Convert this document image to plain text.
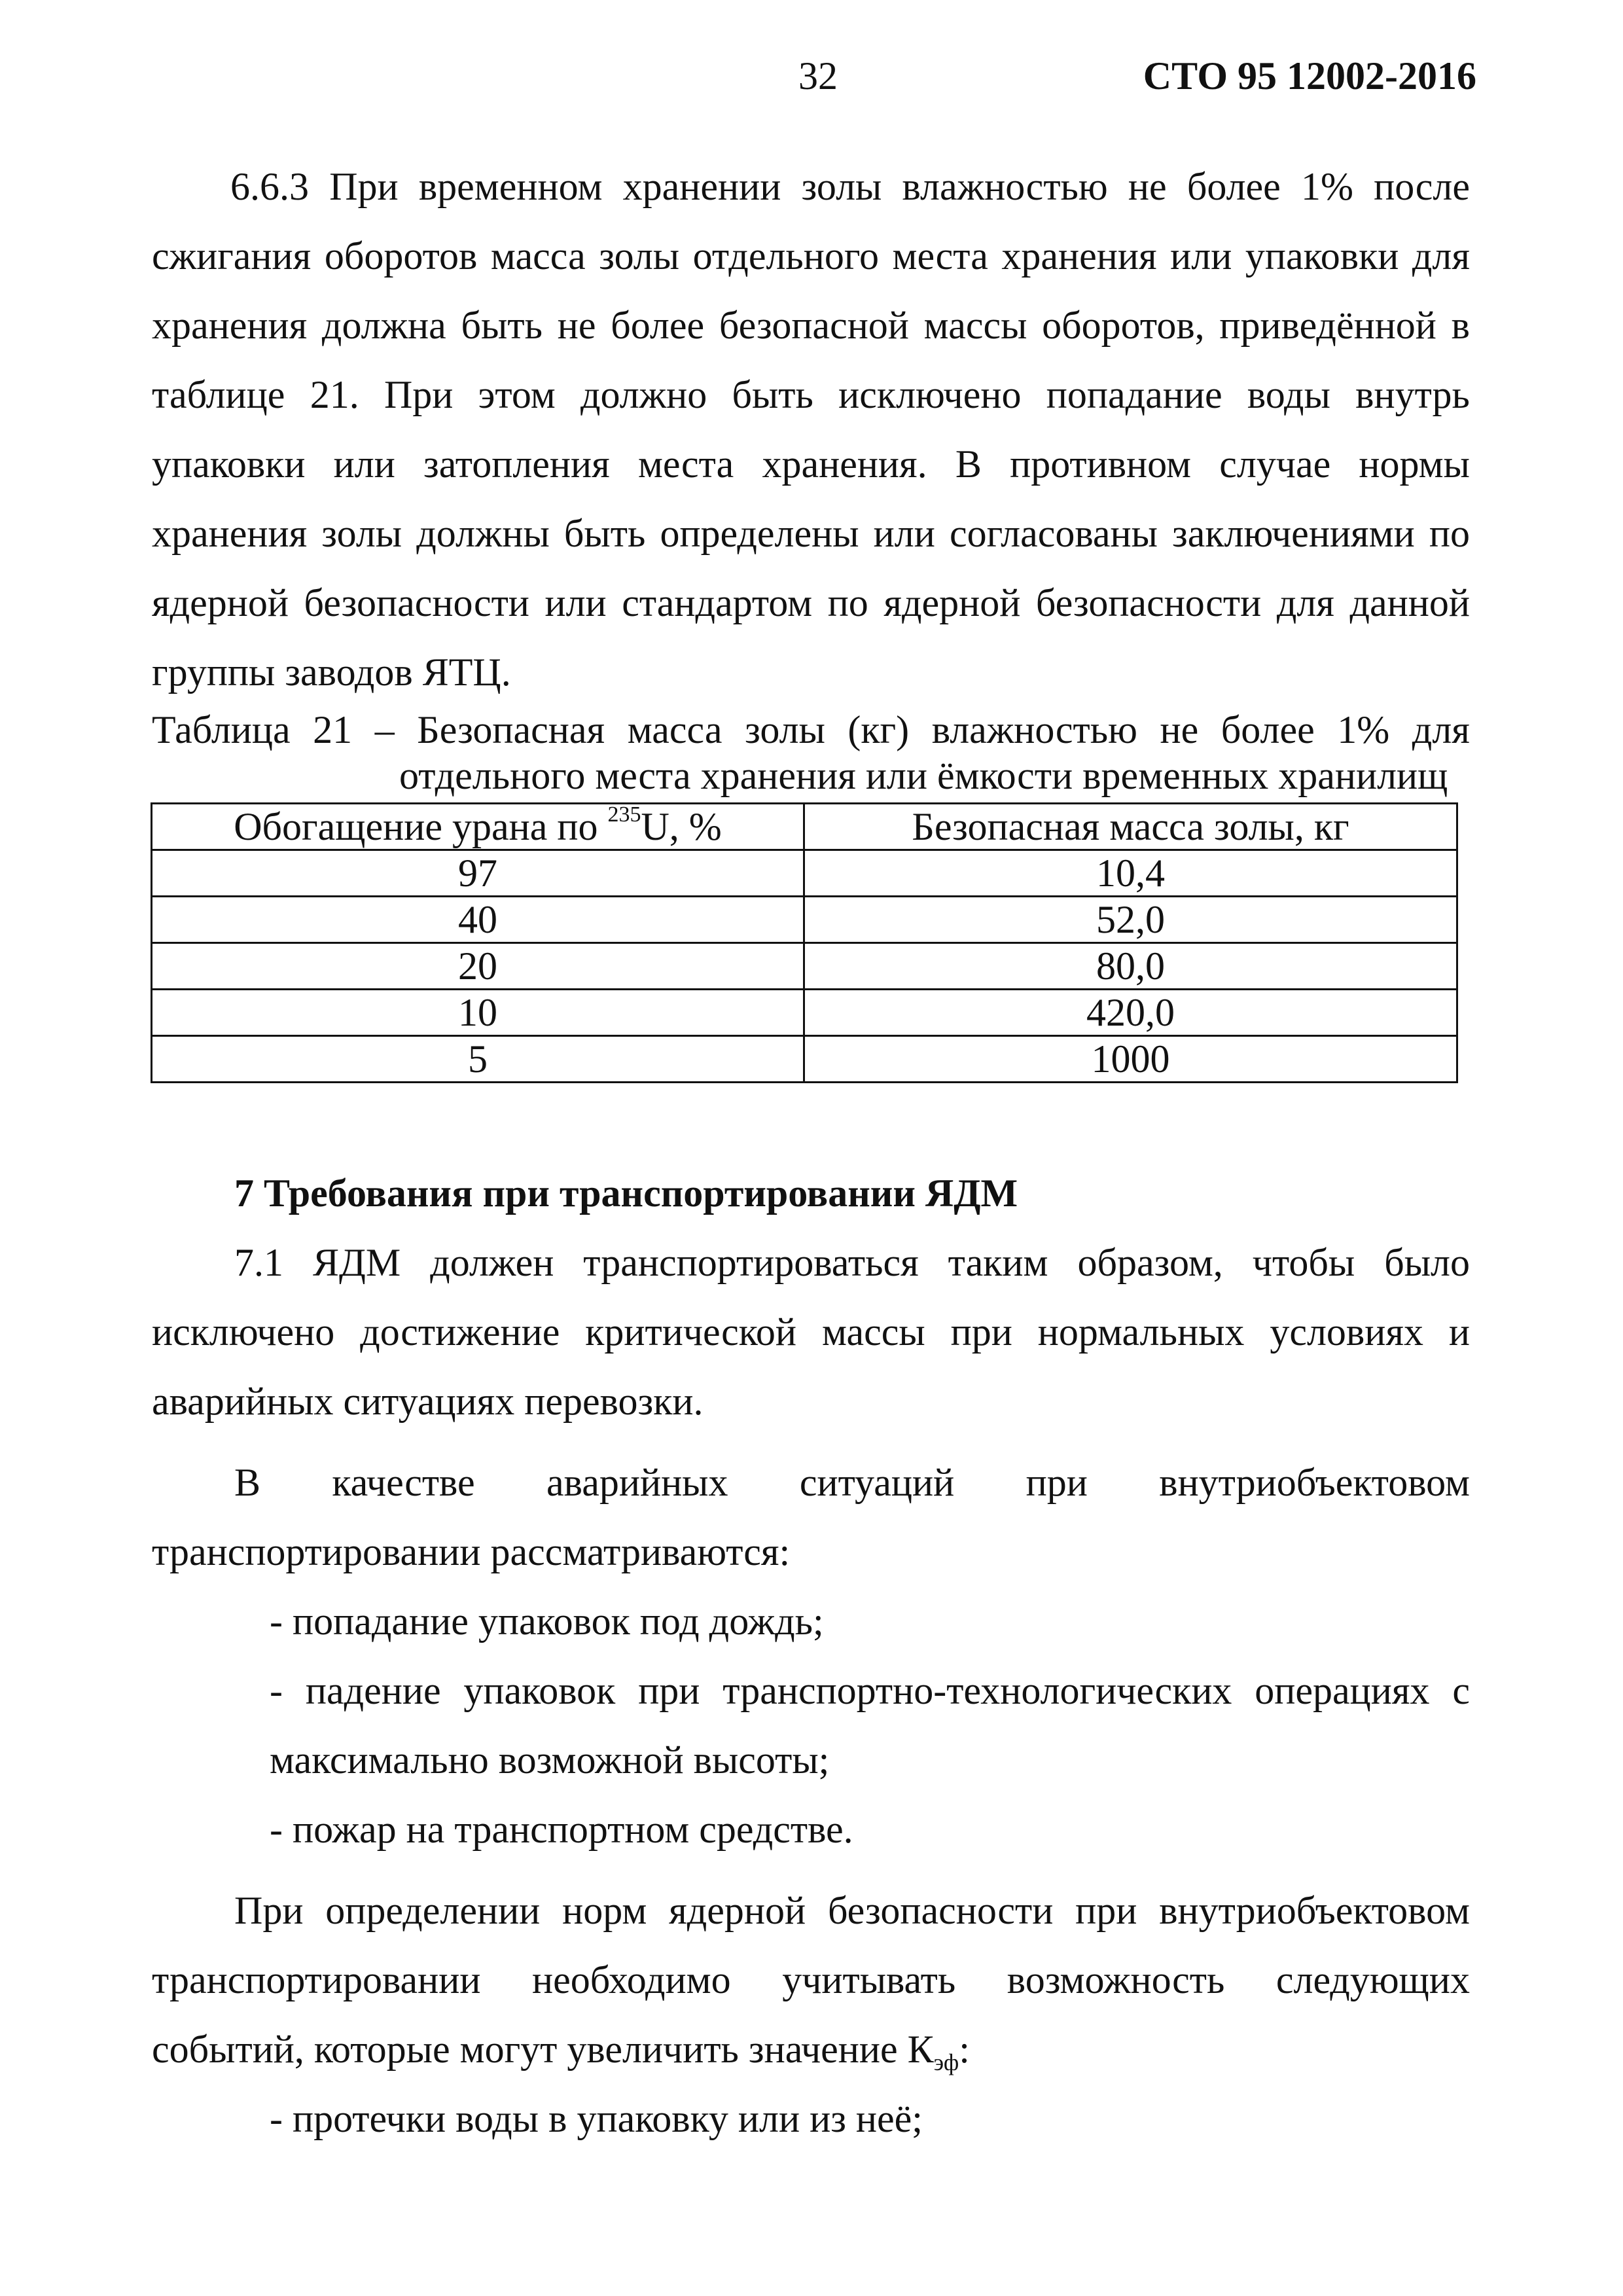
32	СТО 95 12002-2016
6.6.3 При временном хранении золы влажностью не более 1% после
сжигания оборотов масса золы отдельного места хранения или упаковки для
хранения должна быть не более безопасной массы оборотов, приведённой в
таблице 21. При этом должно быть исключено попадание воды внутрь
упаковки или затопления места хранения. В противном случае нормы
хранения золы должны быть определены или согласованы заключениями по
ядерной безопасности или стандартом по ядерной безопасности для данной
группы заводов ЯТЦ.
Таблица 21 – Безопасная масса золы (кг) влажностью не более 1% для
отдельного места хранения или ёмкости временных хранилищ
Обогащение урана по $^{235}$U, %	Безопасная масса золы, кг
97	10,4
40	52,0
20	80,0
10	420,0
5	1000
7 Требования при транспортировании ЯДМ
7.1 ЯДМ должен транспортироваться таким образом, чтобы было
исключено достижение критической массы при нормальных условиях и
аварийных ситуациях перевозки.
В качестве аварийных ситуаций при внутриобъектовом
транспортировании рассматриваются:
- попадание упаковок под дождь;
- падение упаковок при транспортно-технологических операциях с
максимально возможной высоты;
- пожар на транспортном средстве.
При определении норм ядерной безопасности при внутриобъектовом
транспортировании необходимо учитывать возможность следующих
событий, которые могут увеличить значение $К_{эф}$:
- протечки воды в упаковку или из неё;
